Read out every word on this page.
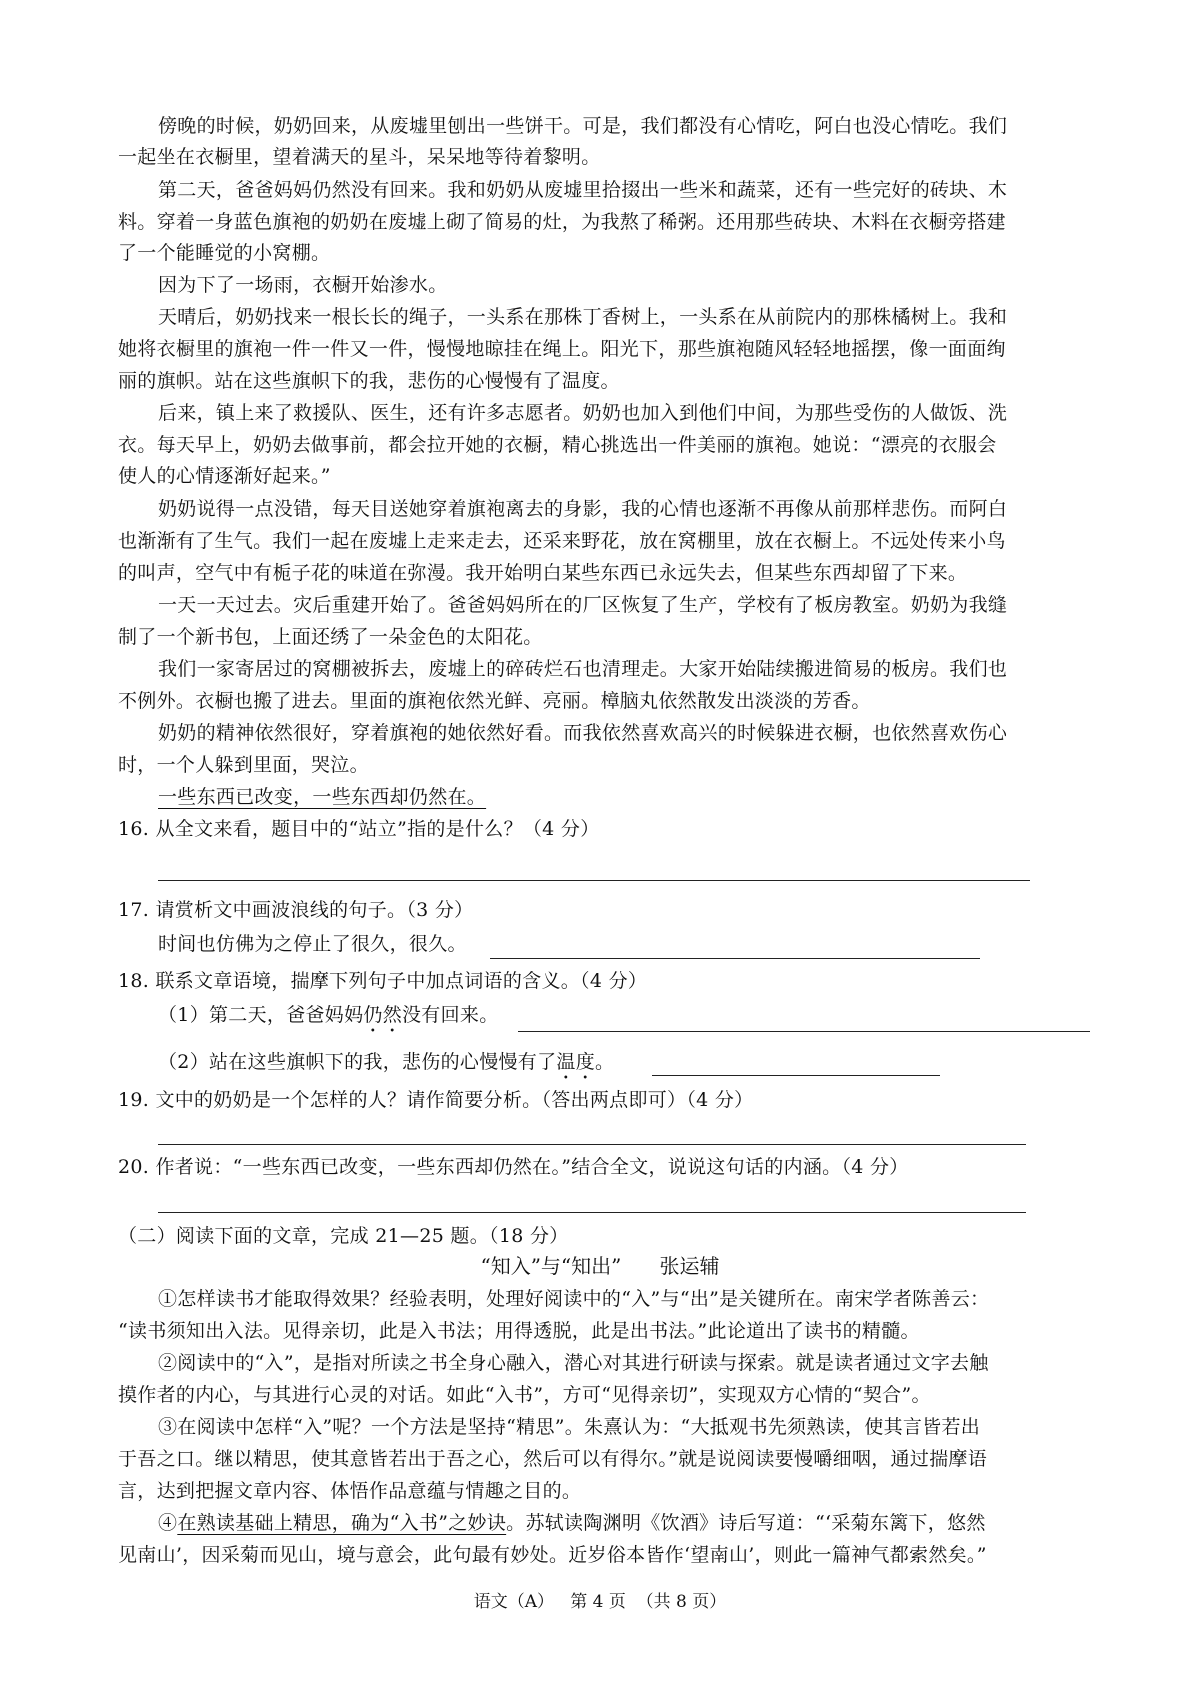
傍晚的时候，奶奶回来，从废墟里刨出一些饼干。可是，我们都没有心情吃，阿白也没心情吃。我们
一起坐在衣橱里，望着满天的星斗，呆呆地等待着黎明。
第二天，爸爸妈妈仍然没有回来。我和奶奶从废墟里拾掇出一些米和蔬菜，还有一些完好的砖块、木
料。穿着一身蓝色旗袍的奶奶在废墟上砌了简易的灶，为我熬了稀粥。还用那些砖块、木料在衣橱旁搭建
了一个能睡觉的小窝棚。
因为下了一场雨，衣橱开始渗水。
天晴后，奶奶找来一根长长的绳子，一头系在那株丁香树上，一头系在从前院内的那株橘树上。我和
她将衣橱里的旗袍一件一件又一件，慢慢地晾挂在绳上。阳光下，那些旗袍随风轻轻地摇摆，像一面面绚
丽的旗帜。站在这些旗帜下的我，悲伤的心慢慢有了温度。
后来，镇上来了救援队、医生，还有许多志愿者。奶奶也加入到他们中间，为那些受伤的人做饭、洗
衣。每天早上，奶奶去做事前，都会拉开她的衣橱，精心挑选出一件美丽的旗袍。她说：“漂亮的衣服会
使人的心情逐渐好起来。”
奶奶说得一点没错，每天目送她穿着旗袍离去的身影，我的心情也逐渐不再像从前那样悲伤。而阿白
也渐渐有了生气。我们一起在废墟上走来走去，还采来野花，放在窝棚里，放在衣橱上。不远处传来小鸟
的叫声，空气中有栀子花的味道在弥漫。我开始明白某些东西已永远失去，但某些东西却留了下来。
一天一天过去。灾后重建开始了。爸爸妈妈所在的厂区恢复了生产，学校有了板房教室。奶奶为我缝
制了一个新书包，上面还绣了一朵金色的太阳花。
我们一家寄居过的窝棚被拆去，废墟上的碎砖烂石也清理走。大家开始陆续搬进简易的板房。我们也
不例外。衣橱也搬了进去。里面的旗袍依然光鲜、亮丽。樟脑丸依然散发出淡淡的芳香。
奶奶的精神依然很好，穿着旗袍的她依然好看。而我依然喜欢高兴的时候躲进衣橱，也依然喜欢伤心
时，一个人躲到里面，哭泣。
一些东西已改变，一些东西却仍然在。
16. 从全文来看，题目中的“站立”指的是什么？（4 分）
17. 请赏析文中画波浪线的句子。（3 分）
时间也仿佛为之停止了很久，很久。
18. 联系文章语境，揣摩下列句子中加点词语的含义。（4 分）
（1）第二天，爸爸妈妈仍然没有回来。
（2）站在这些旗帜下的我，悲伤的心慢慢有了温度。
19. 文中的奶奶是一个怎样的人？请作简要分析。（答出两点即可）（4 分）
20. 作者说：“一些东西已改变，一些东西却仍然在。”结合全文，说说这句话的内涵。（4 分）
（二）阅读下面的文章，完成 21—25 题。（18 分）
“知入”与“知出” 张运辅
①怎样读书才能取得效果？经验表明，处理好阅读中的“入”与“出”是关键所在。南宋学者陈善云：
“读书须知出入法。见得亲切，此是入书法；用得透脱，此是出书法。”此论道出了读书的精髓。
②阅读中的“入”，是指对所读之书全身心融入，潜心对其进行研读与探索。就是读者通过文字去触
摸作者的内心，与其进行心灵的对话。如此“入书”，方可“见得亲切”，实现双方心情的“契合”。
③在阅读中怎样“入”呢？一个方法是坚持“精思”。朱熹认为：“大抵观书先须熟读，使其言皆若出
于吾之口。继以精思，使其意皆若出于吾之心，然后可以有得尔。”就是说阅读要慢嚼细咽，通过揣摩语
言，达到把握文章内容、体悟作品意蕴与情趣之目的。
④在熟读基础上精思，确为“入书”之妙诀。苏轼读陶渊明《饮酒》诗后写道：“‘采菊东篱下，悠然
见南山’，因采菊而见山，境与意会，此句最有妙处。近岁俗本皆作‘望南山’，则此一篇神气都索然矣。”
语文（A）   第 4 页  （共 8 页）
